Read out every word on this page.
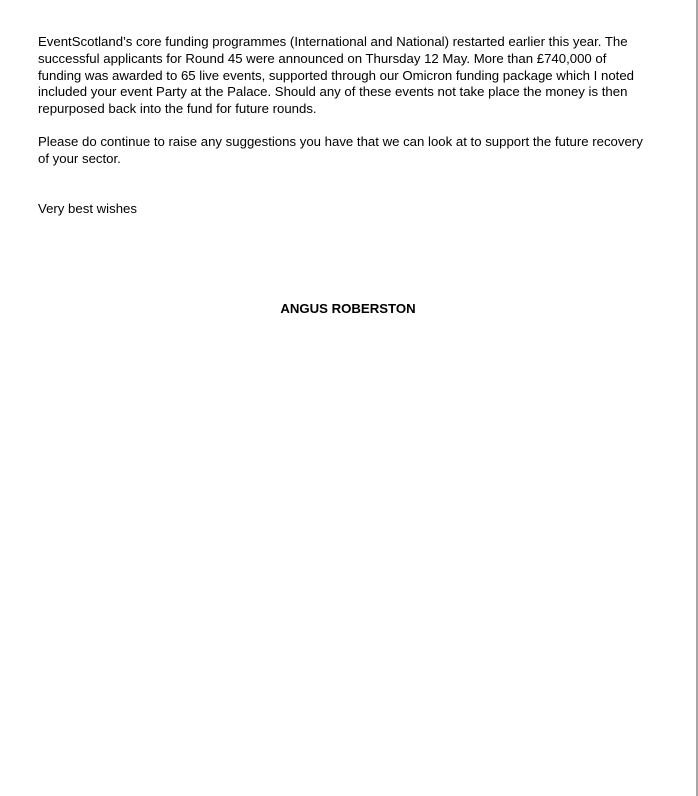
EventScotland’s core funding programmes (International and National) restarted earlier this year. The
successful applicants for Round 45 were announced on Thursday 12 May. More than £740,000 of
funding was awarded to 65 live events, supported through our Omicron funding package which I noted
included your event Party at the Palace. Should any of these events not take place the money is then
repurposed back into the fund for future rounds.

Please do continue to raise any suggestions you have that we can look at to support the future recovery
of your sector.

Very best wishes

ANGUS ROBERSTON
